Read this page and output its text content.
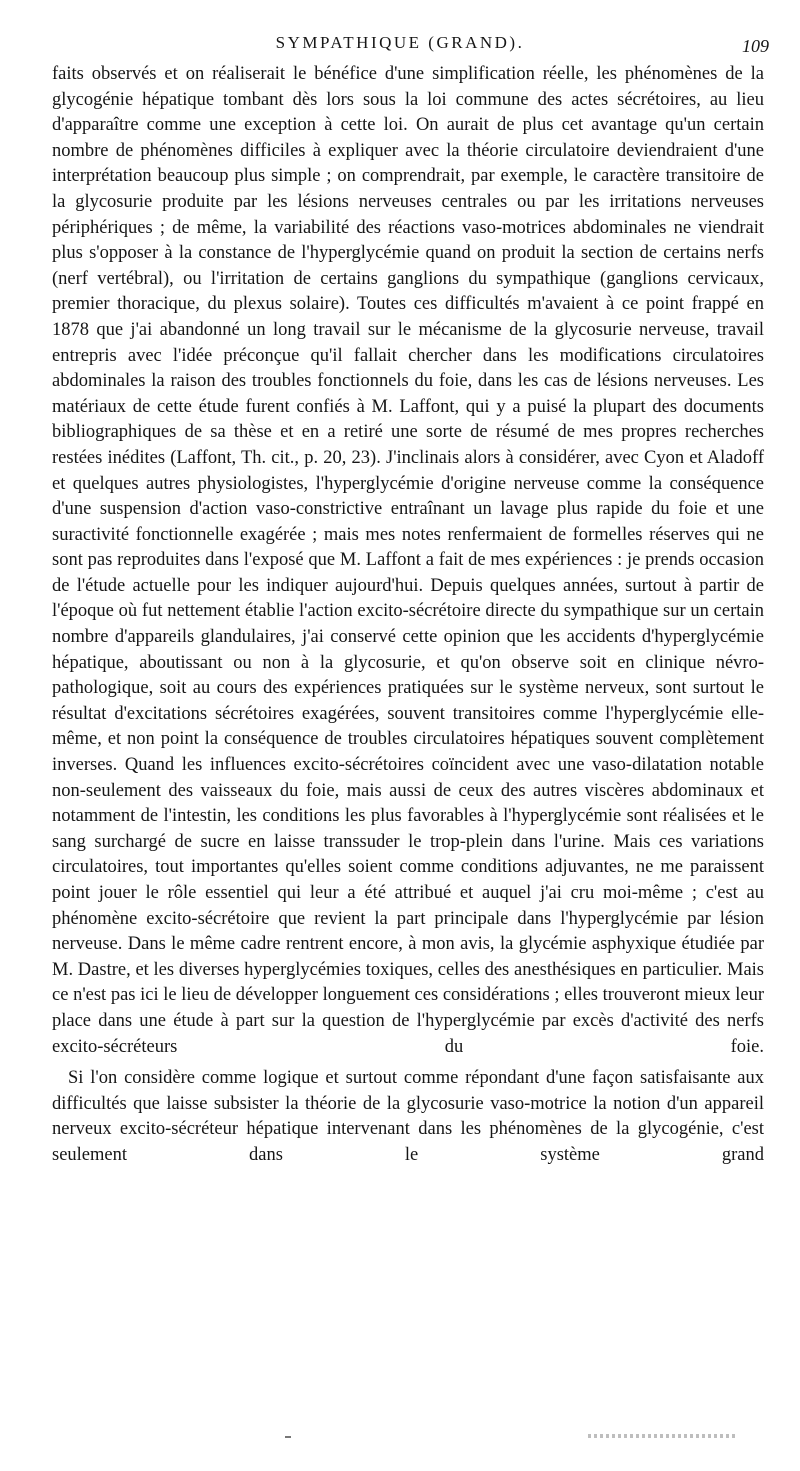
SYMPATHIQUE (GRAND).	109

faits observés et on réaliserait le bénéfice d'une simplification réelle, les phénomènes de la glycogénie hépatique tombant dès lors sous la loi commune des actes sécrétoires, au lieu d'apparaître comme une exception à cette loi. On aurait de plus cet avantage qu'un certain nombre de phénomènes difficiles à expliquer avec la théorie circulatoire deviendraient d'une interprétation beaucoup plus simple ; on comprendrait, par exemple, le caractère transitoire de la glycosurie produite par les lésions nerveuses centrales ou par les irritations nerveuses périphériques ; de même, la variabilité des réactions vaso-motrices abdominales ne viendrait plus s'opposer à la constance de l'hyperglycémie quand on produit la section de certains nerfs (nerf vertébral), ou l'irritation de certains ganglions du sympathique (ganglions cervicaux, premier thoracique, du plexus solaire). Toutes ces difficultés m'avaient à ce point frappé en 1878 que j'ai abandonné un long travail sur le mécanisme de la glycosurie nerveuse, travail entrepris avec l'idée préconçue qu'il fallait chercher dans les modifications circulatoires abdominales la raison des troubles fonctionnels du foie, dans les cas de lésions nerveuses. Les matériaux de cette étude furent confiés à M. Laffont, qui y a puisé la plupart des documents bibliographiques de sa thèse et en a retiré une sorte de résumé de mes propres recherches restées inédites (Laffont, Th. cit., p. 20, 23). J'inclinais alors à considérer, avec Cyon et Aladoff et quelques autres physiologistes, l'hyperglycémie d'origine nerveuse comme la conséquence d'une suspension d'action vaso-constrictive entraînant un lavage plus rapide du foie et une suractivité fonctionnelle exagérée ; mais mes notes renfermaient de formelles réserves qui ne sont pas reproduites dans l'exposé que M. Laffont a fait de mes expériences : je prends occasion de l'étude actuelle pour les indiquer aujourd'hui. Depuis quelques années, surtout à partir de l'époque où fut nettement établie l'action excito-sécrétoire directe du sympathique sur un certain nombre d'appareils glandulaires, j'ai conservé cette opinion que les accidents d'hyperglycémie hépatique, aboutissant ou non à la glycosurie, et qu'on observe soit en clinique névro-pathologique, soit au cours des expériences pratiquées sur le système nerveux, sont surtout le résultat d'excitations sécrétoires exagérées, souvent transitoires comme l'hyperglycémie elle-même, et non point la conséquence de troubles circulatoires hépatiques souvent complètement inverses. Quand les influences excito-sécrétoires coïncident avec une vaso-dilatation notable non-seulement des vaisseaux du foie, mais aussi de ceux des autres viscères abdominaux et notamment de l'intestin, les conditions les plus favorables à l'hyperglycémie sont réalisées et le sang surchargé de sucre en laisse transsuder le trop-plein dans l'urine. Mais ces variations circulatoires, tout importantes qu'elles soient comme conditions adjuvantes, ne me paraissent point jouer le rôle essentiel qui leur a été attribué et auquel j'ai cru moi-même ; c'est au phénomène excito-sécrétoire que revient la part principale dans l'hyperglycémie par lésion nerveuse. Dans le même cadre rentrent encore, à mon avis, la glycémie asphyxique étudiée par M. Dastre, et les diverses hyperglycémies toxiques, celles des anesthésiques en particulier. Mais ce n'est pas ici le lieu de développer longuement ces considérations ; elles trouveront mieux leur place dans une étude à part sur la question de l'hyperglycémie par excès d'activité des nerfs excito-sécréteurs du foie.

Si l'on considère comme logique et surtout comme répondant d'une façon satisfaisante aux difficultés que laisse subsister la théorie de la glycosurie vaso-motrice la notion d'un appareil nerveux excito-sécréteur hépatique intervenant dans les phénomènes de la glycogénie, c'est seulement dans le système grand
